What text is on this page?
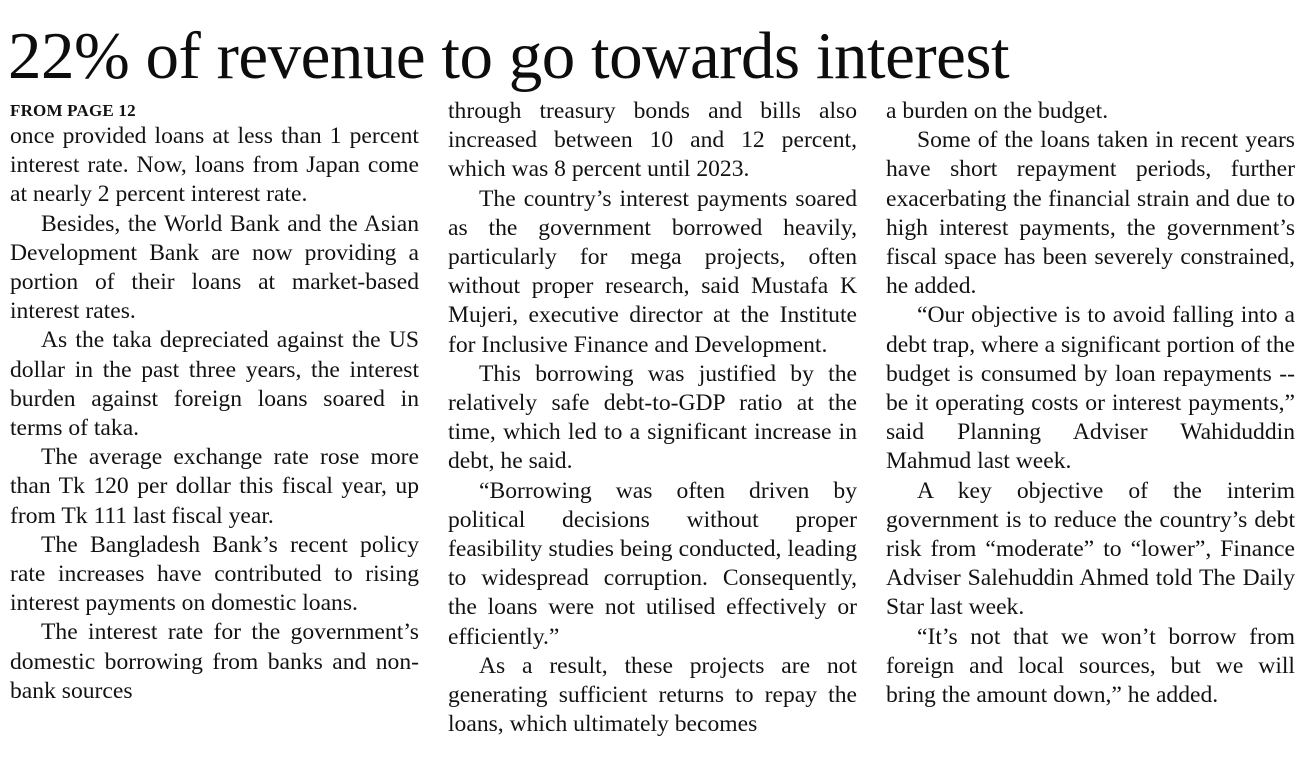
22% of revenue to go towards interest
FROM PAGE 12

once provided loans at less than 1 percent interest rate. Now, loans from Japan come at nearly 2 percent interest rate.

Besides, the World Bank and the Asian Development Bank are now providing a portion of their loans at market-based interest rates.

As the taka depreciated against the US dollar in the past three years, the interest burden against foreign loans soared in terms of taka.

The average exchange rate rose more than Tk 120 per dollar this fiscal year, up from Tk 111 last fiscal year.

The Bangladesh Bank’s recent policy rate increases have contributed to rising interest payments on domestic loans.

The interest rate for the government’s domestic borrowing from banks and non-bank sources

through treasury bonds and bills also increased between 10 and 12 percent, which was 8 percent until 2023.

The country’s interest payments soared as the government borrowed heavily, particularly for mega projects, often without proper research, said Mustafa K Mujeri, executive director at the Institute for Inclusive Finance and Development.

This borrowing was justified by the relatively safe debt-to-GDP ratio at the time, which led to a significant increase in debt, he said.

“Borrowing was often driven by political decisions without proper feasibility studies being conducted, leading to widespread corruption. Consequently, the loans were not utilised effectively or efficiently.”

As a result, these projects are not generating sufficient returns to repay the loans, which ultimately becomes

a burden on the budget.

Some of the loans taken in recent years have short repayment periods, further exacerbating the financial strain and due to high interest payments, the government’s fiscal space has been severely constrained, he added.

“Our objective is to avoid falling into a debt trap, where a significant portion of the budget is consumed by loan repayments -- be it operating costs or interest payments,” said Planning Adviser Wahiduddin Mahmud last week.

A key objective of the interim government is to reduce the country’s debt risk from “moderate” to “lower”, Finance Adviser Salehuddin Ahmed told The Daily Star last week.

“It’s not that we won’t borrow from foreign and local sources, but we will bring the amount down,” he added.
